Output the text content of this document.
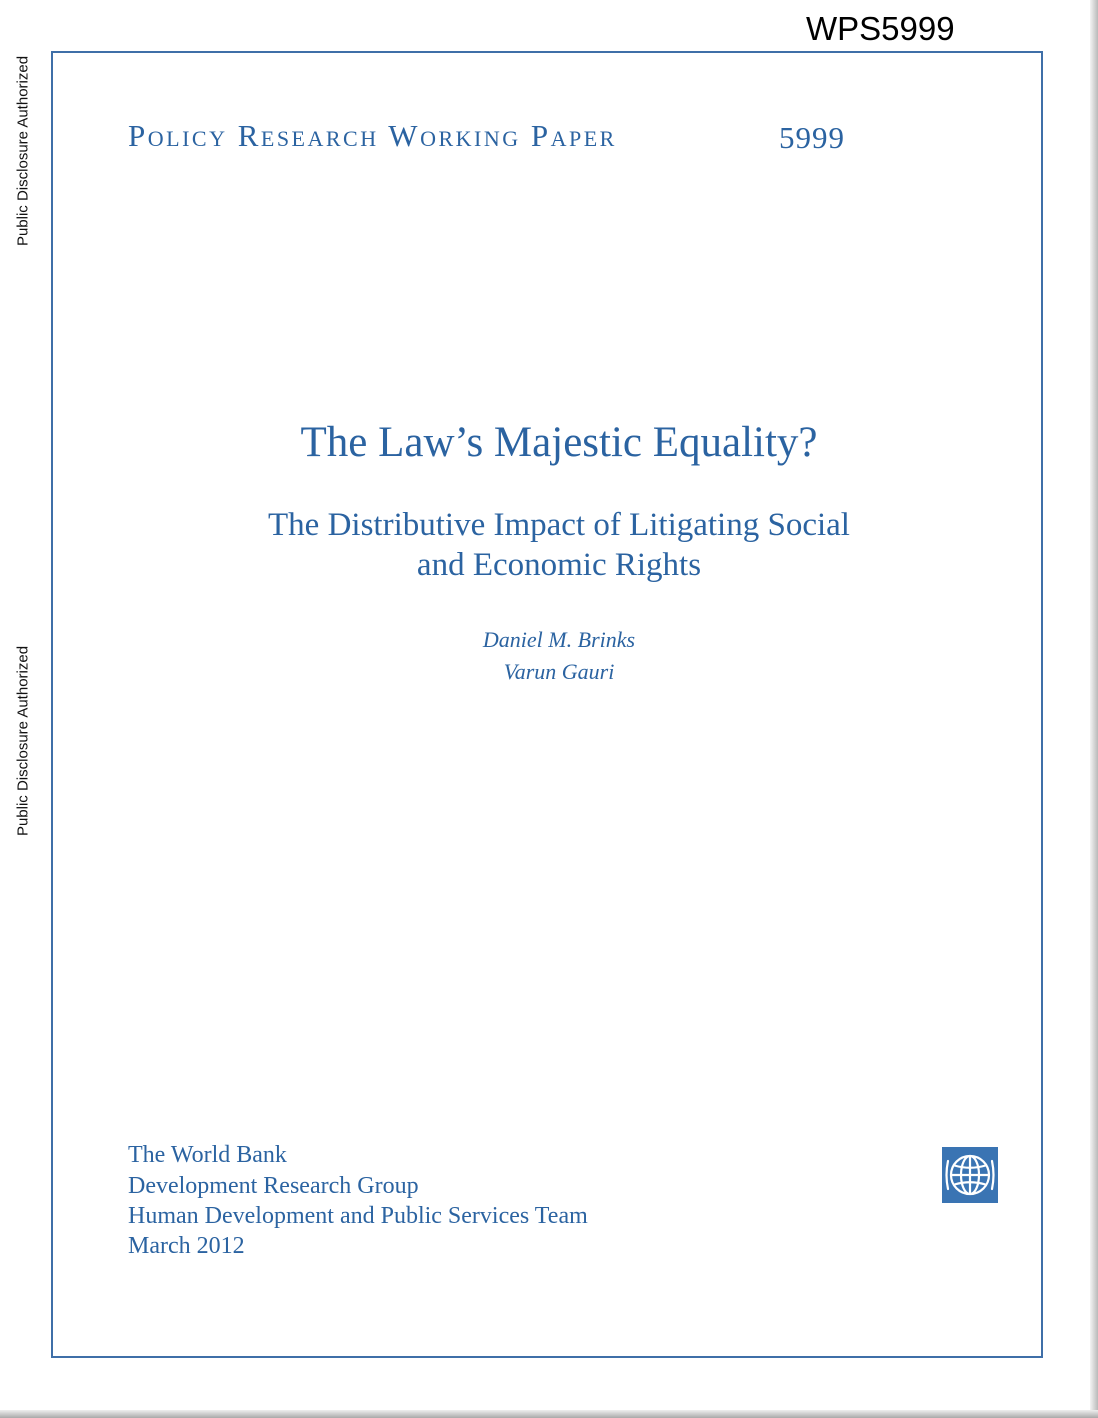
WPS5999
Public Disclosure Authorized
Public Disclosure Authorized
Policy Research Working Paper	5999
The Law’s Majestic Equality?
The Distributive Impact of Litigating Social
and Economic Rights
Daniel M. Brinks
Varun Gauri
The World Bank
Development Research Group
Human Development and Public Services Team
March 2012
